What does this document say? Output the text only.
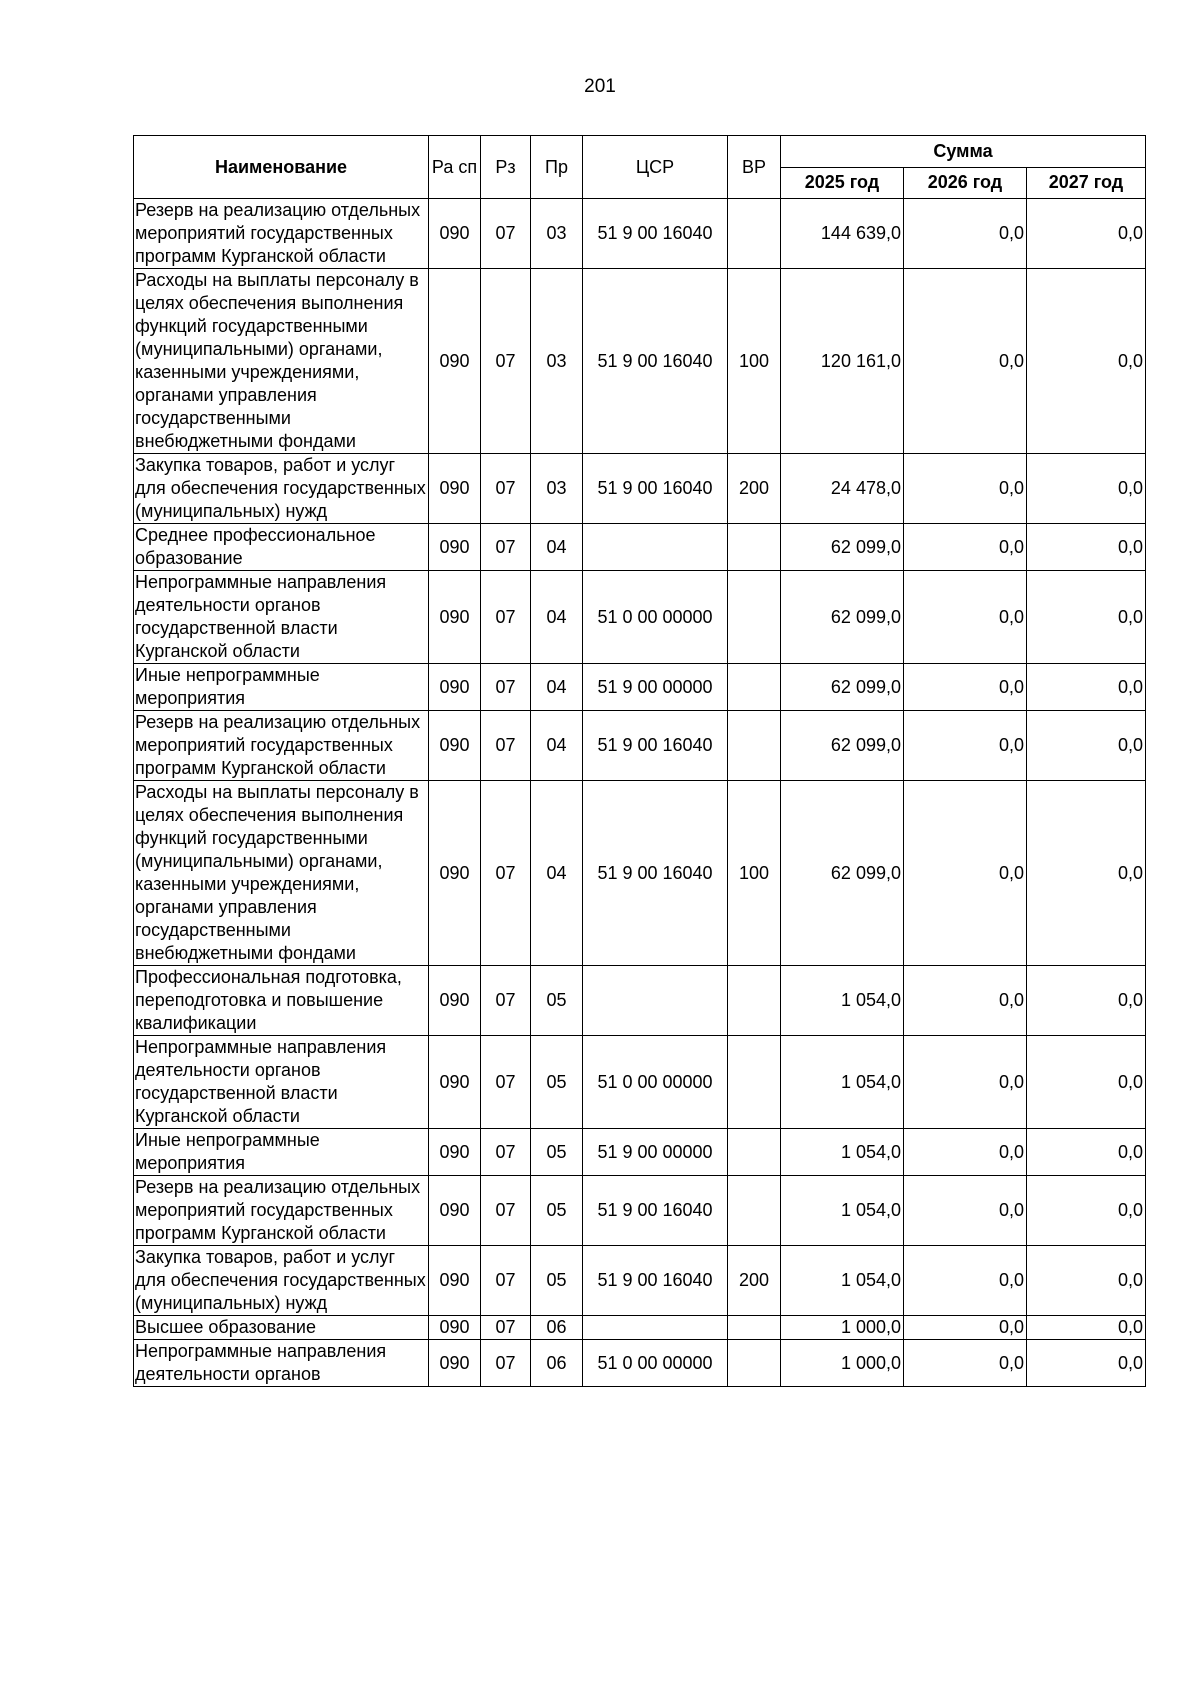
201
Наименование	Ра сп	Рз	Пр	ЦСР	ВР	Сумма		
						2025 год	2026 год	2027 год
Резерв на реализацию отдельных мероприятий государственных программ Курганской области	090	07	03	51 9 00 16040		144 639,0	0,0	0,0
Расходы на выплаты персоналу в целях обеспечения выполнения функций государственными (муниципальными) органами, казенными учреждениями, органами управления государственными внебюджетными фондами	090	07	03	51 9 00 16040	100	120 161,0	0,0	0,0
Закупка товаров, работ и услуг для обеспечения государственных (муниципальных) нужд	090	07	03	51 9 00 16040	200	24 478,0	0,0	0,0
Среднее профессиональное образование	090	07	04			62 099,0	0,0	0,0
Непрограммные направления деятельности органов государственной власти Курганской области	090	07	04	51 0 00 00000		62 099,0	0,0	0,0
Иные непрограммные мероприятия	090	07	04	51 9 00 00000		62 099,0	0,0	0,0
Резерв на реализацию отдельных мероприятий государственных программ Курганской области	090	07	04	51 9 00 16040		62 099,0	0,0	0,0
Расходы на выплаты персоналу в целях обеспечения выполнения функций государственными (муниципальными) органами, казенными учреждениями, органами управления государственными внебюджетными фондами	090	07	04	51 9 00 16040	100	62 099,0	0,0	0,0
Профессиональная подготовка, переподготовка и повышение квалификации	090	07	05			1 054,0	0,0	0,0
Непрограммные направления деятельности органов государственной власти Курганской области	090	07	05	51 0 00 00000		1 054,0	0,0	0,0
Иные непрограммные мероприятия	090	07	05	51 9 00 00000		1 054,0	0,0	0,0
Резерв на реализацию отдельных мероприятий государственных программ Курганской области	090	07	05	51 9 00 16040		1 054,0	0,0	0,0
Закупка товаров, работ и услуг для обеспечения государственных (муниципальных) нужд	090	07	05	51 9 00 16040	200	1 054,0	0,0	0,0
Высшее образование	090	07	06			1 000,0	0,0	0,0
Непрограммные направления деятельности органов	090	07	06	51 0 00 00000		1 000,0	0,0	0,0
